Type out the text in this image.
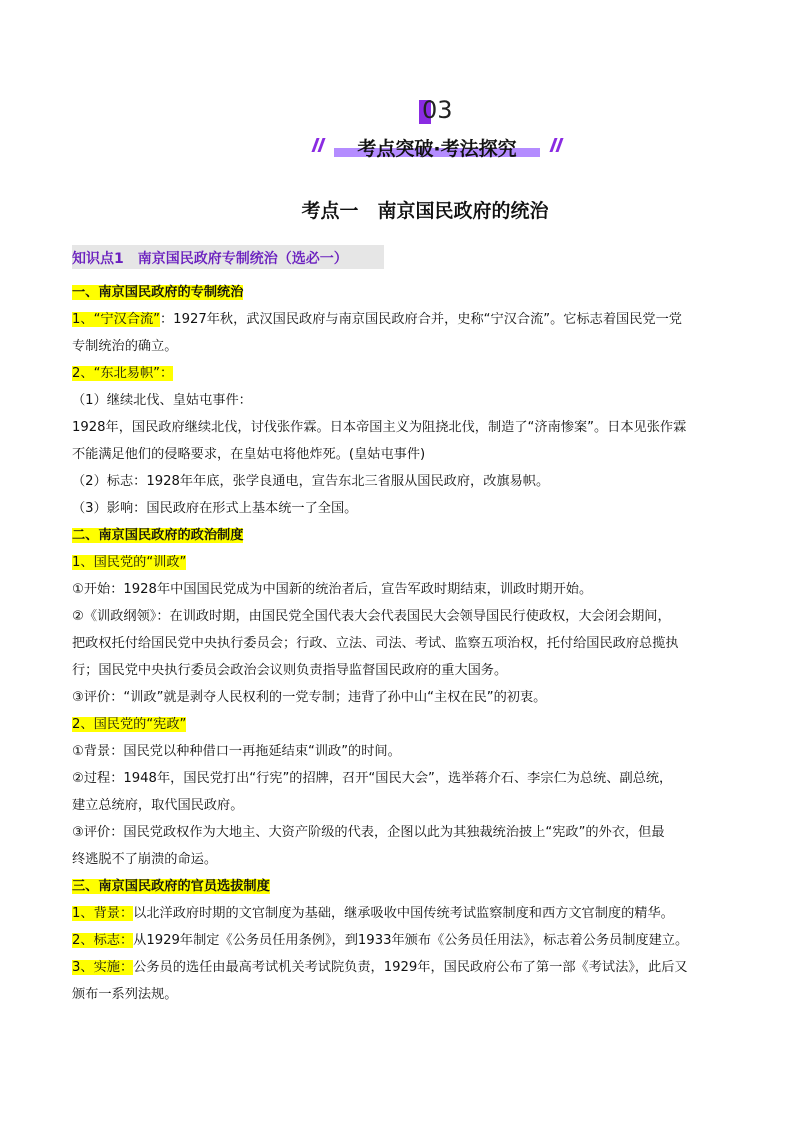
03
考点突破·考法探究
考点一　南京国民政府的统治
知识点1　南京国民政府专制统治（选必一）
一、南京国民政府的专制统治
1、“宁汉合流”：1927年秋，武汉国民政府与南京国民政府合并，史称“宁汉合流”。它标志着国民党一党
专制统治的确立。
2、“东北易帜”：
（1）继续北伐、皇姑屯事件：
1928年，国民政府继续北伐，讨伐张作霖。日本帝国主义为阻挠北伐，制造了“济南惨案”。日本见张作霖
不能满足他们的侵略要求，在皇姑屯将他炸死。(皇姑屯事件)
（2）标志：1928年年底，张学良通电，宣告东北三省服从国民政府，改旗易帜。
（3）影响：国民政府在形式上基本统一了全国。
二、南京国民政府的政治制度
1、国民党的“训政”
①开始：1928年中国国民党成为中国新的统治者后，宣告军政时期结束，训政时期开始。
②《训政纲领》：在训政时期，由国民党全国代表大会代表国民大会领导国民行使政权，大会闭会期间，
把政权托付给国民党中央执行委员会；行政、立法、司法、考试、监察五项治权，托付给国民政府总揽执
行；国民党中央执行委员会政治会议则负责指导监督国民政府的重大国务。
③评价：“训政”就是剥夺人民权利的一党专制；违背了孙中山“主权在民”的初衷。
2、国民党的“宪政”
①背景：国民党以种种借口一再拖延结束“训政”的时间。
②过程：1948年，国民党打出“行宪”的招牌，召开“国民大会”，选举蒋介石、李宗仁为总统、副总统，
建立总统府，取代国民政府。
③评价：国民党政权作为大地主、大资产阶级的代表，企图以此为其独裁统治披上“宪政”的外衣，但最
终逃脱不了崩溃的命运。
三、南京国民政府的官员选拔制度
1、背景：以北洋政府时期的文官制度为基础，继承吸收中国传统考试监察制度和西方文官制度的精华。
2、标志：从1929年制定《公务员任用条例》，到1933年颁布《公务员任用法》，标志着公务员制度建立。
3、实施：公务员的选任由最高考试机关考试院负责，1929年，国民政府公布了第一部《考试法》，此后又
颁布一系列法规。
